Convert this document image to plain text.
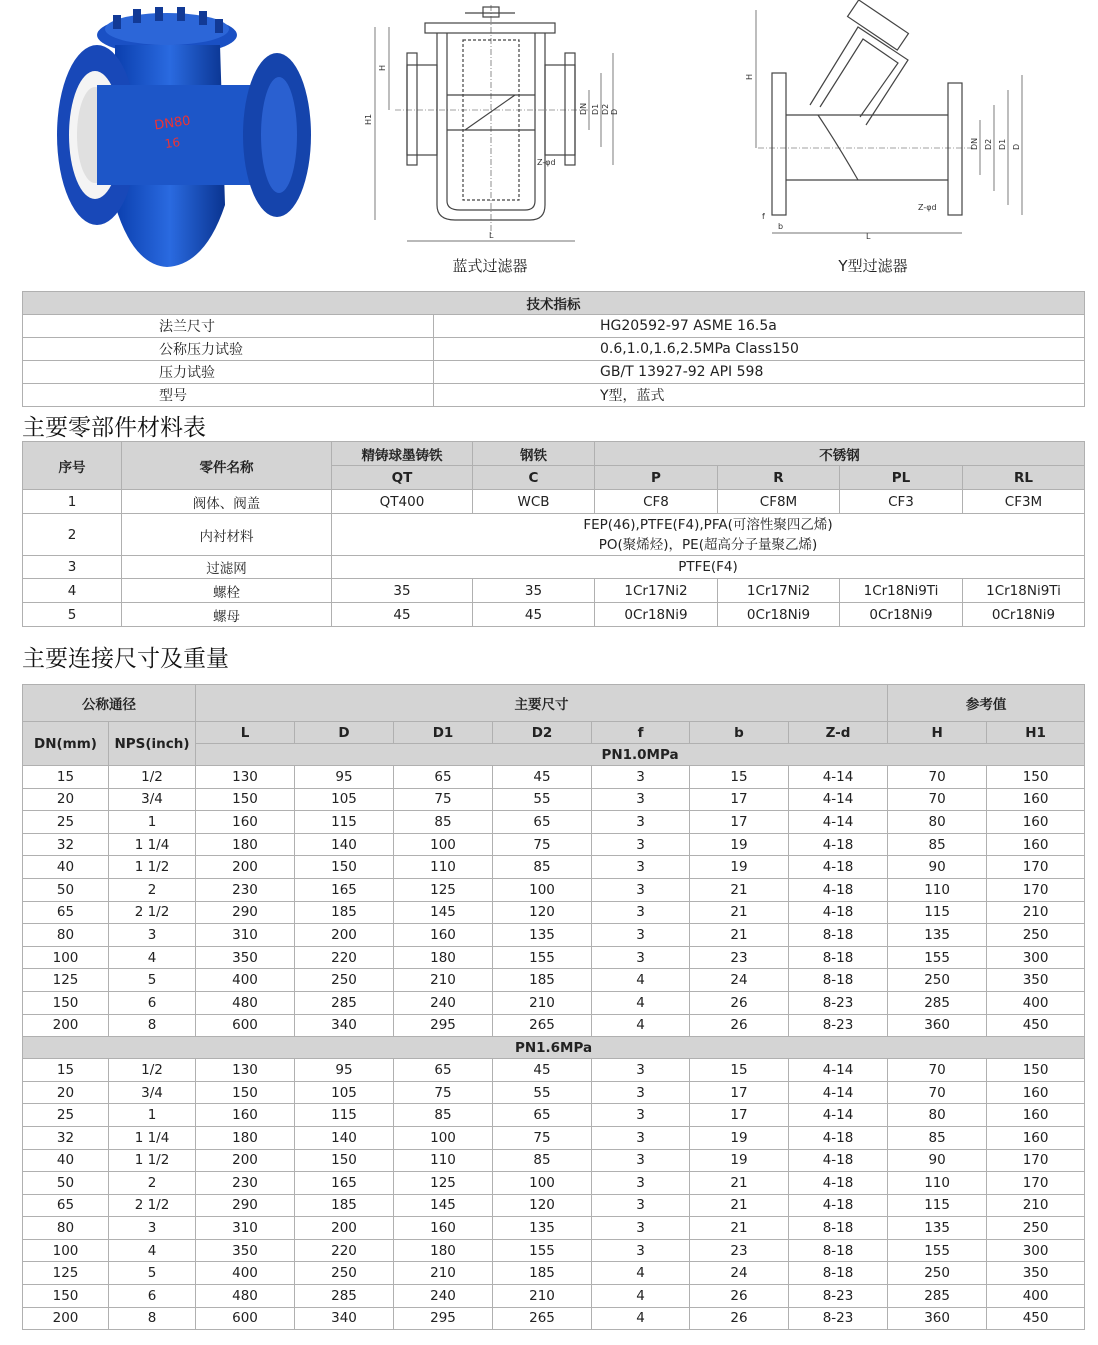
DN80
16
H1
H
L
DN D1 D2 D
Z-φd
蓝式过滤器
H
L
f
b
DN D2 D1 D
Z-φd
Y型过滤器
技术指标	
法兰尺寸	HG20592-97 ASME 16.5a
公称压力试验	0.6,1.0,1.6,2.5MPa Class150
压力试验	GB/T 13927-92 API 598
型号	Y型，蓝式
主要零部件材料表
序号	零件名称	精铸球墨铸铁	钢铁	不锈钢			
		QT	C	P	R	PL	RL
1	阀体、阀盖	QT400	WCB	CF8	CF8M	CF3	CF3M
2	内衬材料	FEP(46),PTFE(F4),PFA(可溶性聚四乙烯)
PO(聚烯烃)，PE(超高分子量聚乙烯)					

3	过滤网	PTFE(F4)					
4	螺栓	35	35	1Cr17Ni2	1Cr17Ni2	1Cr18Ni9Ti	1Cr18Ni9Ti
5	螺母	45	45	0Cr18Ni9	0Cr18Ni9	0Cr18Ni9	0Cr18Ni9
主要连接尺寸及重量
公称通径		主要尺寸							参考值	
DN(mm)	NPS(inch)	L	D	D1	D2	f	b	Z-d	H	H1
		PN1.0MPa								
15	1/2	130	95	65	45	3	15	4-14	70	150
20	3/4	150	105	75	55	3	17	4-14	70	160
25	1	160	115	85	65	3	17	4-14	80	160
32	1 1/4	180	140	100	75	3	19	4-18	85	160
40	1 1/2	200	150	110	85	3	19	4-18	90	170
50	2	230	165	125	100	3	21	4-18	110	170
65	2 1/2	290	185	145	120	3	21	4-18	115	210
80	3	310	200	160	135	3	21	8-18	135	250
100	4	350	220	180	155	3	23	8-18	155	300
125	5	400	250	210	185	4	24	8-18	250	350
150	6	480	285	240	210	4	26	8-23	285	400
200	8	600	340	295	265	4	26	8-23	360	450
PN1.6MPa										
15	1/2	130	95	65	45	3	15	4-14	70	150
20	3/4	150	105	75	55	3	17	4-14	70	160
25	1	160	115	85	65	3	17	4-14	80	160
32	1 1/4	180	140	100	75	3	19	4-18	85	160
40	1 1/2	200	150	110	85	3	19	4-18	90	170
50	2	230	165	125	100	3	21	4-18	110	170
65	2 1/2	290	185	145	120	3	21	4-18	115	210
80	3	310	200	160	135	3	21	8-18	135	250
100	4	350	220	180	155	3	23	8-18	155	300
125	5	400	250	210	185	4	24	8-18	250	350
150	6	480	285	240	210	4	26	8-23	285	400
200	8	600	340	295	265	4	26	8-23	360	450
